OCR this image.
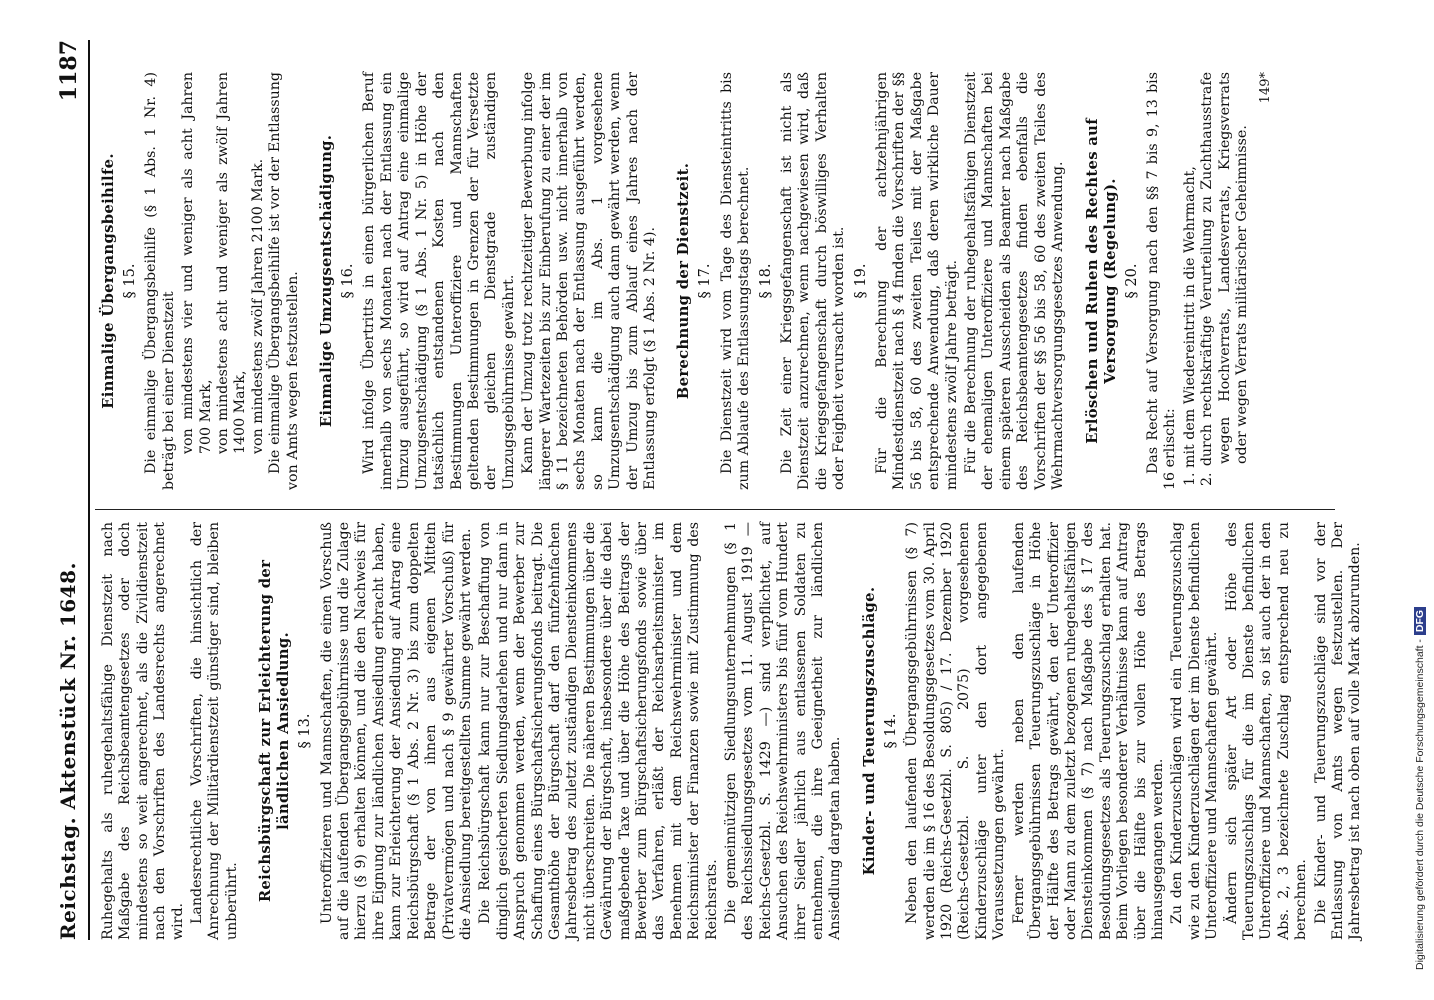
Reichstag. Aktenstück Nr. 1648.
1187

Ruhegehalts als ruhegehaltsfähige Dienstzeit nach Maßgabe des Reichsbeamtengesetzes oder doch mindestens so weit angerechnet, als die Zivildienstzeit nach den Vorschriften des Landesrechts angerechnet wird. Landesrechtliche Vorschriften, die hinsichtlich der Anrechnung der Militärdienstzeit günstiger sind, bleiben unberührt. Reichsbürgschaft zur Erleichterung der ländlichen Ansiedlung. § 13. Unteroffizieren und Mannschaften, die einen Vorschuß auf die laufenden Übergangsgebührnisse und die Zulage hierzu (§ 9) erhalten können, und die den Nachweis für ihre Eignung zur ländlichen Ansiedlung erbracht haben, kann zur Erleichterung der Ansiedlung auf Antrag eine Reichsbürgschaft (§ 1 Abs. 2 Nr. 3) bis zum doppelten Betrage der von ihnen aus eigenen Mitteln (Privatvermögen und nach § 9 gewährter Vorschuß) für die Ansiedlung bereitgestellten Summe gewährt werden. Die Reichsbürgschaft kann nur zur Beschaffung von dinglich gesicherten Siedlungsdarlehen und nur dann in Anspruch genommen werden, wenn der Bewerber zur Schaffung eines Bürgschaftsicherungsfonds beitragt. Die Gesamthöhe der Bürgschaft darf den fünfzehnfachen Jahresbetrag des zuletzt zuständigen Diensteinkommens nicht überschreiten. Die näheren Bestimmungen über die Gewährung der Bürgschaft, insbesondere über die dabei maßgebende Taxe und über die Höhe des Beitrags der Bewerber zum Bürgschaftsicherungsfonds sowie über das Verfahren, erläßt der Reichsarbeitsminister im Benehmen mit dem Reichswehrminister und dem Reichsminister der Finanzen sowie mit Zustimmung des Reichsrats. Die gemeinnützigen Siedlungsunternehmungen (§ 1 des Reichssiedlungsgesetzes vom 11. August 1919 — Reichs-Gesetzbl. S. 1429 —) sind verpflichtet, auf Ansuchen des Reichswehrministers bis fünf vom Hundert ihrer Siedler jährlich aus entlassenen Soldaten zu entnehmen, die ihre Geeignetheit zur ländlichen Ansiedlung dargetan haben. Kinder- und Teuerungszuschläge. § 14. Neben den laufenden Übergangsgebührnissen (§ 7) werden die im § 16 des Besoldungsgesetzes vom 30. April 1920 (Reichs-Gesetzbl. S. 805) / 17. Dezember 1920 (Reichs-Gesetzbl. S. 2075) vorgesehenen Kinderzuschläge unter den dort angegebenen Voraussetzungen gewährt. Ferner werden neben den laufenden Übergangsgebührnissen Teuerungszuschläge in Höhe der Hälfte des Betrags gewährt, den der Unteroffizier oder Mann zu dem zuletzt bezogenen ruhegehaltsfähigen Diensteinkommen (§ 7) nach Maßgabe des § 17 des Besoldungsgesetzes als Teuerungszuschlag erhalten hat. Beim Vorliegen besonderer Verhältnisse kann auf Antrag über die Hälfte bis zur vollen Höhe des Betrags hinausgegangen werden. Zu den Kinderzuschlägen wird ein Teuerungszuschlag wie zu den Kinderzuschlägen der im Dienste befindlichen Unteroffiziere und Mannschaften gewährt. Ändern sich später Art oder Höhe des Teuerungszuschlags für die im Dienste befindlichen Unteroffiziere und Mannschaften, so ist auch der in den Abs. 2, 3 bezeichnete Zuschlag entsprechend neu zu berechnen. Die Kinder- und Teuerungszuschläge sind vor der Entlassung von Amts wegen festzustellen. Der Jahresbetrag ist nach oben auf volle Mark abzurunden.

Einmalige Übergangsbeihilfe. § 15. Die einmalige Übergangsbeihilfe (§ 1 Abs. 1 Nr. 4) beträgt bei einer Dienstzeit von mindestens vier und weniger als acht Jahren 700 Mark, von mindestens acht und weniger als zwölf Jahren 1400 Mark, von mindestens zwölf Jahren 2100 Mark. Die einmalige Übergangsbeihilfe ist vor der Entlassung von Amts wegen festzustellen. Einmalige Umzugsentschädigung. § 16. Wird infolge Übertritts in einen bürgerlichen Beruf innerhalb von sechs Monaten nach der Entlassung ein Umzug ausgeführt, so wird auf Antrag eine einmalige Umzugsentschädigung (§ 1 Abs. 1 Nr. 5) in Höhe der tatsächlich entstandenen Kosten nach den Bestimmungen Unteroffiziere und Mannschaften geltenden Bestimmungen in Grenzen der für Versetzte der gleichen Dienstgrade zuständigen Umzugsgebührnisse gewährt. Kann der Umzug trotz rechtzeitiger Bewerbung infolge längerer Wartezeiten bis zur Einberufung zu einer der im § 11 bezeichneten Behörden usw. nicht innerhalb von sechs Monaten nach der Entlassung ausgeführt werden, so kann die im Abs. 1 vorgesehene Umzugsentschädigung auch dann gewährt werden, wenn der Umzug bis zum Ablauf eines Jahres nach der Entlassung erfolgt (§ 1 Abs. 2 Nr. 4). Berechnung der Dienstzeit. § 17. Die Dienstzeit wird vom Tage des Diensteintritts bis zum Ablaufe des Entlassungstags berechnet. § 18. Die Zeit einer Kriegsgefangenschaft ist nicht als Dienstzeit anzurechnen, wenn nachgewiesen wird, daß die Kriegsgefangenschaft durch böswilliges Verhalten oder Feigheit verursacht worden ist. § 19. Für die Berechnung der achtzehnjährigen Mindestdienstzeit nach § 4 finden die Vorschriften der §§ 56 bis 58, 60 des zweiten Teiles mit der Maßgabe entsprechende Anwendung, daß deren wirkliche Dauer mindestens zwölf Jahre beträgt. Für die Berechnung der ruhegehaltsfähigen Dienstzeit der ehemaligen Unteroffiziere und Mannschaften bei einem späteren Ausscheiden als Beamter nach Maßgabe des Reichsbeamtengesetzes finden ebenfalls die Vorschriften der §§ 56 bis 58, 60 des zweiten Teiles des Wehrmachtversorgungsgesetzes Anwendung. Erlöschen und Ruhen des Rechtes auf Versorgung (Regelung). § 20. Das Recht auf Versorgung nach den §§ 7 bis 9, 13 bis 16 erlischt: 1. mit dem Wiedereintritt in die Wehrmacht, 2. durch rechtskräftige Verurteilung zu Zuchthausstrafe wegen Hochverrats, Landesverrats, Kriegsverrats oder wegen Verrats militärischer Geheimnisse.
149*
Digitalisierung gefördert durch die Deutsche Forschungsgemeinschaft -DFG
